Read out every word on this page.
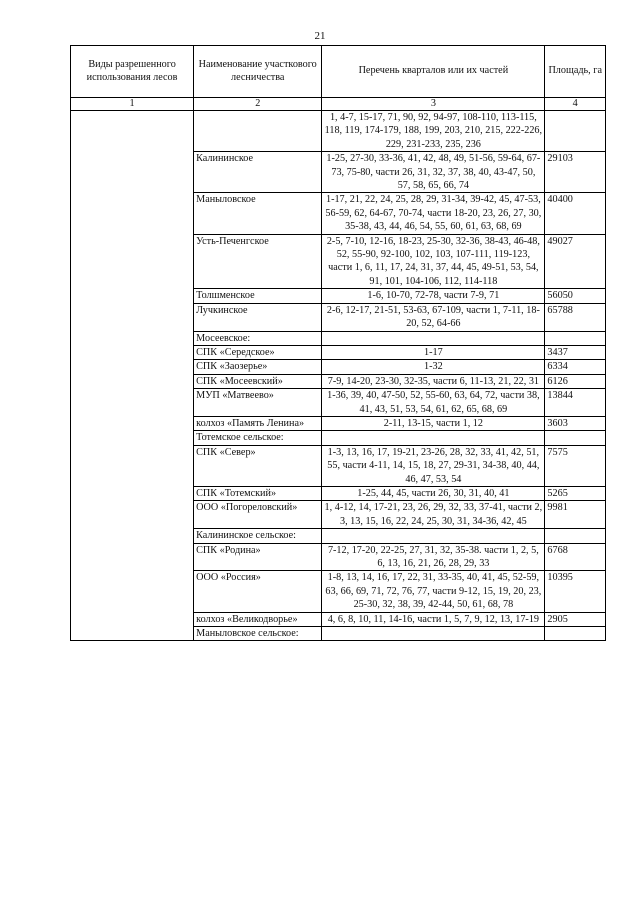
21
Виды разрешенного использования лесов	Наименование участкового лесничества	Перечень кварталов или их частей	Площадь, га
1	2	3	4
		1, 4-7, 15-17, 71, 90, 92, 94-97, 108-110, 113-115, 118, 119, 174-179, 188, 199, 203, 210, 215, 222-226, 229, 231-233, 235, 236	
	Калининское	1-25, 27-30, 33-36, 41, 42, 48, 49, 51-56, 59-64, 67-73, 75-80, части 26, 31, 32, 37, 38, 40, 43-47, 50, 57, 58, 65, 66, 74	29103
	Маныловское	1-17, 21, 22, 24, 25, 28, 29, 31-34, 39-42, 45, 47-53, 56-59, 62, 64-67, 70-74, части 18-20, 23, 26, 27, 30, 35-38, 43, 44, 46, 54, 55, 60, 61, 63, 68, 69	40400
	Усть-Печенгское	2-5, 7-10, 12-16, 18-23, 25-30, 32-36, 38-43, 46-48, 52, 55-90, 92-100, 102, 103, 107-111, 119-123, части 1, 6, 11, 17, 24, 31, 37, 44, 45, 49-51, 53, 54, 91, 101, 104-106, 112, 114-118	49027
	Толшменское	1-6, 10-70, 72-78, части 7-9, 71	56050
	Лучкинское	2-6, 12-17, 21-51, 53-63, 67-109, части 1, 7-11, 18-20, 52, 64-66	65788
	Мосеевское:		
	СПК «Середское»	1-17	3437
	СПК «Заозерье»	1-32	6334
	СПК «Мосеевский»	7-9, 14-20, 23-30, 32-35, части 6, 11-13, 21, 22, 31	6126
	МУП «Матвеево»	1-36, 39, 40, 47-50, 52, 55-60, 63, 64, 72, части 38, 41, 43, 51, 53, 54, 61, 62, 65, 68, 69	13844
	колхоз «Память Ленина»	2-11, 13-15, части 1, 12	3603
	Тотемское сельское:		
	СПК «Север»	1-3, 13, 16, 17, 19-21, 23-26, 28, 32, 33, 41, 42, 51, 55, части 4-11, 14, 15, 18, 27, 29-31, 34-38, 40, 44, 46, 47, 53, 54	7575
	СПК «Тотемский»	1-25, 44, 45, части 26, 30, 31, 40, 41	5265
	ООО «Погореловский»	1, 4-12, 14, 17-21, 23, 26, 29, 32, 33, 37-41, части 2, 3, 13, 15, 16, 22, 24, 25, 30, 31, 34-36, 42, 45	9981
	Калининское сельское:		
	СПК «Родина»	7-12, 17-20, 22-25, 27, 31, 32, 35-38. части 1, 2, 5, 6, 13, 16, 21, 26, 28, 29, 33	6768
	ООО «Россия»	1-8, 13, 14, 16, 17, 22, 31, 33-35, 40, 41, 45, 52-59, 63, 66, 69, 71, 72, 76, 77, части 9-12, 15, 19, 20, 23, 25-30, 32, 38, 39, 42-44, 50, 61, 68, 78	10395
	колхоз «Великодворье»	4, 6, 8, 10, 11, 14-16, части 1, 5, 7, 9, 12, 13, 17-19	2905
	Маныловское сельское:		
